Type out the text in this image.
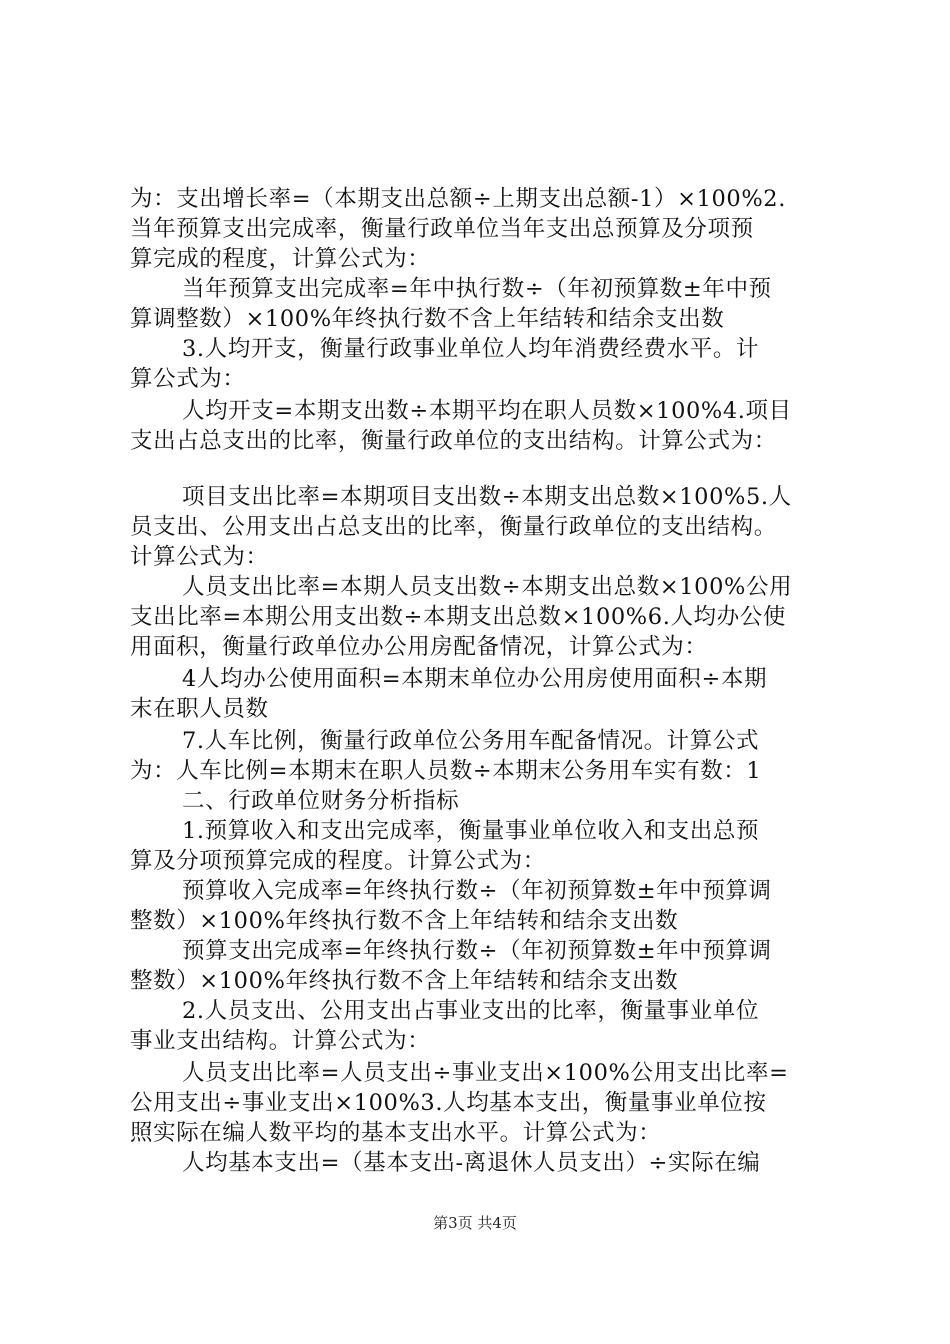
为：支出增长率=（本期支出总额÷上期支出总额-1）×100%2.
当年预算支出完成率，衡量行政单位当年支出总预算及分项预
算完成的程度，计算公式为：
当年预算支出完成率=年中执行数÷（年初预算数±年中预
算调整数）×100%年终执行数不含上年结转和结余支出数
3.人均开支，衡量行政事业单位人均年消费经费水平。计
算公式为：
人均开支=本期支出数÷本期平均在职人员数×100%4.项目
支出占总支出的比率，衡量行政单位的支出结构。计算公式为：
项目支出比率=本期项目支出数÷本期支出总数×100%5.人
员支出、公用支出占总支出的比率，衡量行政单位的支出结构。
计算公式为：
人员支出比率=本期人员支出数÷本期支出总数×100%公用
支出比率=本期公用支出数÷本期支出总数×100%6.人均办公使
用面积，衡量行政单位办公用房配备情况，计算公式为：
4人均办公使用面积=本期末单位办公用房使用面积÷本期
末在职人员数
7.人车比例，衡量行政单位公务用车配备情况。计算公式
为：人车比例=本期末在职人员数÷本期末公务用车实有数：1
二、行政单位财务分析指标
1.预算收入和支出完成率，衡量事业单位收入和支出总预
算及分项预算完成的程度。计算公式为：
预算收入完成率=年终执行数÷（年初预算数±年中预算调
整数）×100%年终执行数不含上年结转和结余支出数
预算支出完成率=年终执行数÷（年初预算数±年中预算调
整数）×100%年终执行数不含上年结转和结余支出数
2.人员支出、公用支出占事业支出的比率，衡量事业单位
事业支出结构。计算公式为：
人员支出比率=人员支出÷事业支出×100%公用支出比率=
公用支出÷事业支出×100%3.人均基本支出，衡量事业单位按
照实际在编人数平均的基本支出水平。计算公式为：
人均基本支出=（基本支出-离退休人员支出）÷实际在编
第3页 共4页
